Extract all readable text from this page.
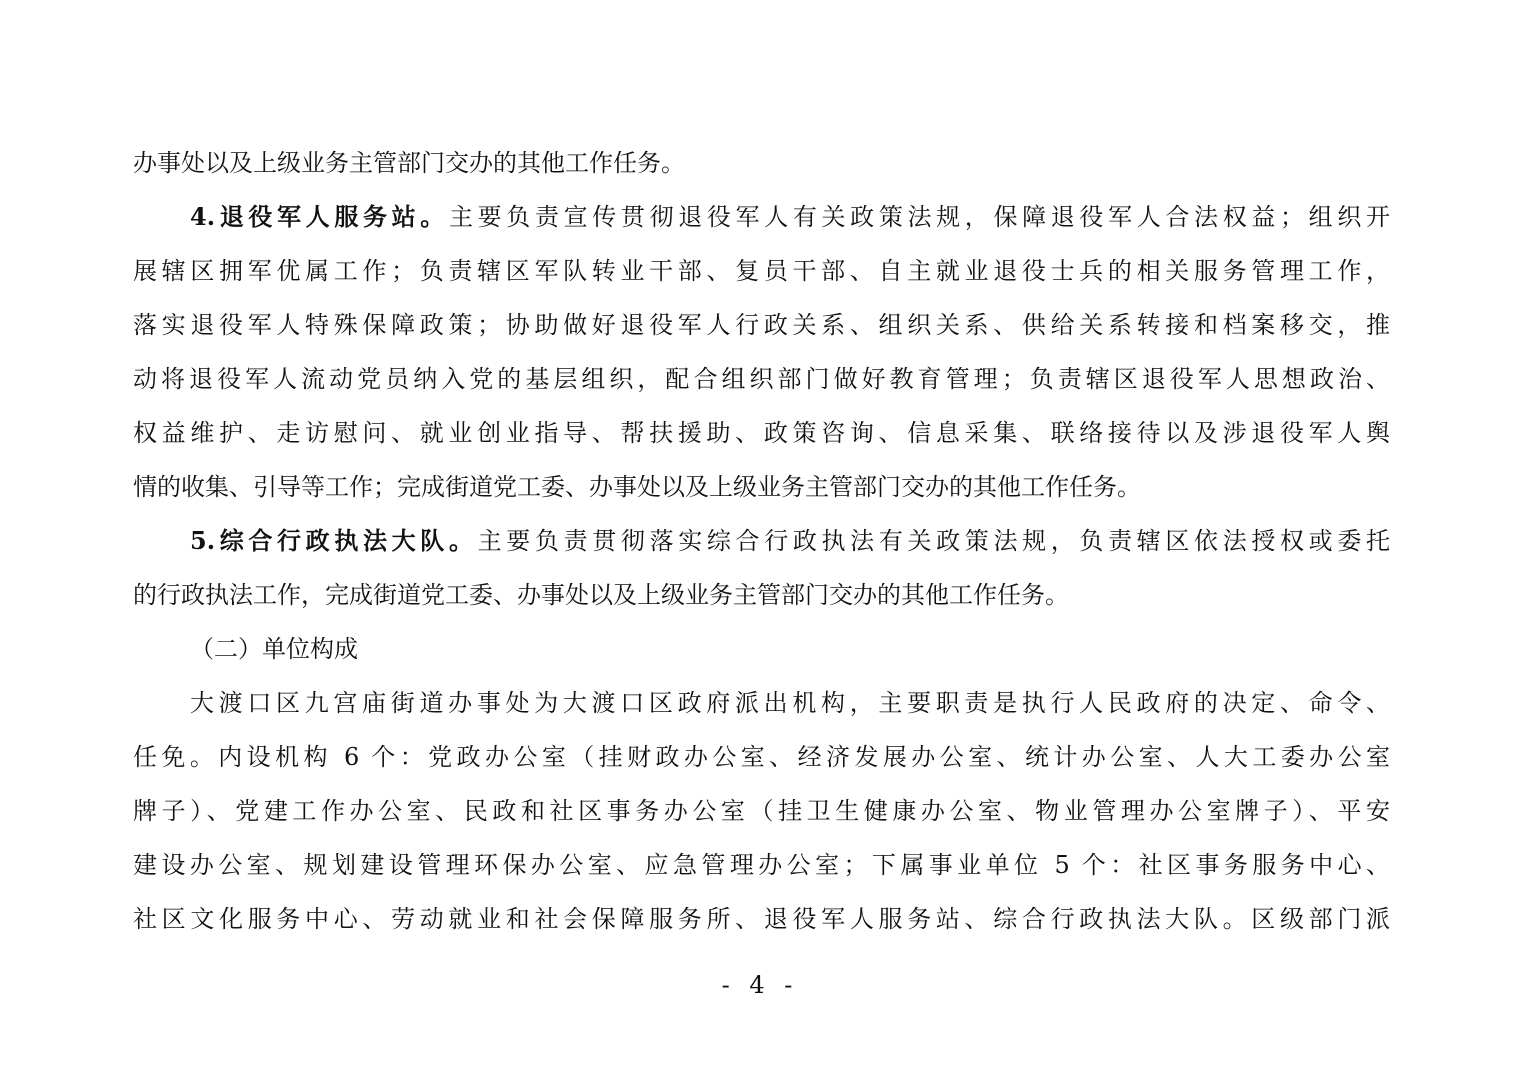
办事处以及上级业务主管部门交办的其他工作任务。
4.退役军人服务站。主要负责宣传贯彻退役军人有关政策法规，保障退役军人合法权益；组织开
展辖区拥军优属工作；负责辖区军队转业干部、复员干部、自主就业退役士兵的相关服务管理工作，
落实退役军人特殊保障政策；协助做好退役军人行政关系、组织关系、供给关系转接和档案移交，推
动将退役军人流动党员纳入党的基层组织，配合组织部门做好教育管理；负责辖区退役军人思想政治、
权益维护、走访慰问、就业创业指导、帮扶援助、政策咨询、信息采集、联络接待以及涉退役军人舆
情的收集、引导等工作；完成街道党工委、办事处以及上级业务主管部门交办的其他工作任务。
5.综合行政执法大队。主要负责贯彻落实综合行政执法有关政策法规，负责辖区依法授权或委托
的行政执法工作，完成街道党工委、办事处以及上级业务主管部门交办的其他工作任务。
（二）单位构成
大渡口区九宫庙街道办事处为大渡口区政府派出机构，主要职责是执行人民政府的决定、命令、
任免。内设机构 6 个：党政办公室（挂财政办公室、经济发展办公室、统计办公室、人大工委办公室
牌子）、党建工作办公室、民政和社区事务办公室（挂卫生健康办公室、物业管理办公室牌子）、平安
建设办公室、规划建设管理环保办公室、应急管理办公室；下属事业单位 5 个：社区事务服务中心、
社区文化服务中心、劳动就业和社会保障服务所、退役军人服务站、综合行政执法大队。区级部门派
- 4 -
